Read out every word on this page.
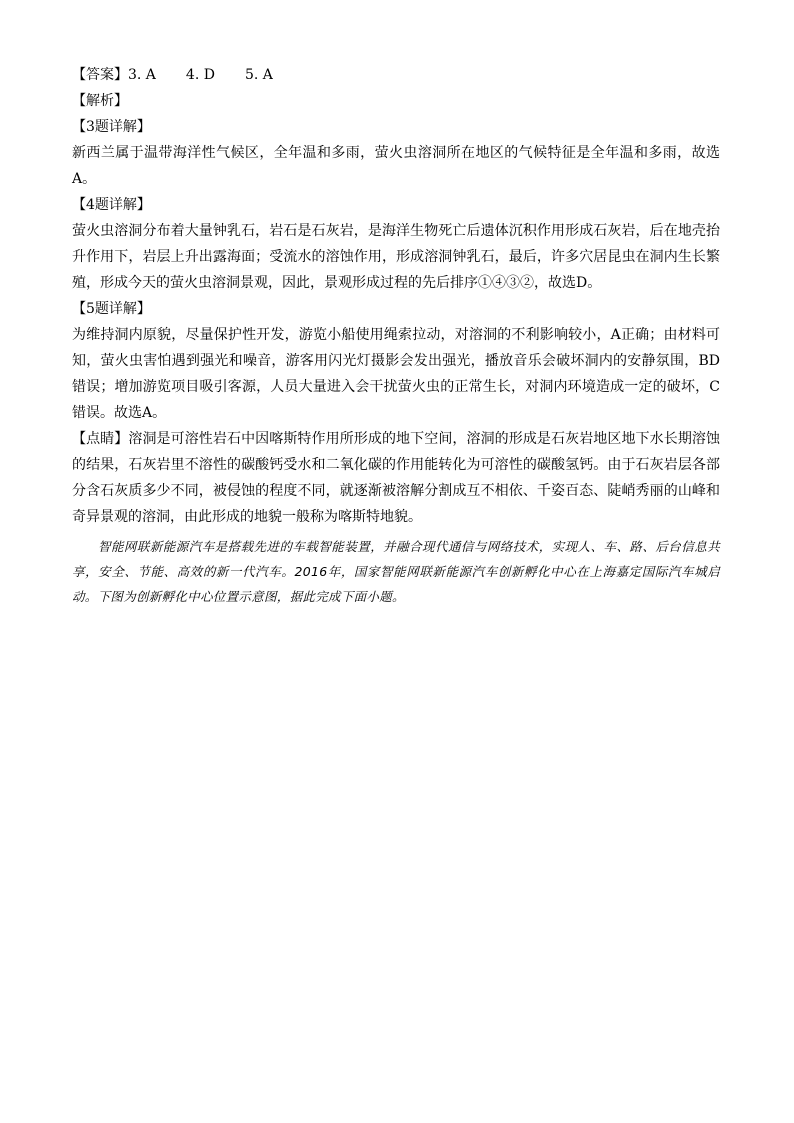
【答案】3. A 4. D 5. A
【解析】
【3题详解】
新西兰属于温带海洋性气候区，全年温和多雨，萤火虫溶洞所在地区的气候特征是全年温和多雨，故选A。
【4题详解】
萤火虫溶洞分布着大量钟乳石，岩石是石灰岩，是海洋生物死亡后遗体沉积作用形成石灰岩，后在地壳抬升作用下，岩层上升出露海面；受流水的溶蚀作用，形成溶洞钟乳石，最后，许多穴居昆虫在洞内生长繁殖，形成今天的萤火虫溶洞景观，因此，景观形成过程的先后排序①④③②，故选D。
【5题详解】
为维持洞内原貌，尽量保护性开发，游览小船使用绳索拉动，对溶洞的不利影响较小，A正确；由材料可知，萤火虫害怕遇到强光和噪音，游客用闪光灯摄影会发出强光，播放音乐会破坏洞内的安静氛围，BD错误；增加游览项目吸引客源，人员大量进入会干扰萤火虫的正常生长，对洞内环境造成一定的破坏，C错误。故选A。
【点睛】溶洞是可溶性岩石中因喀斯特作用所形成的地下空间，溶洞的形成是石灰岩地区地下水长期溶蚀的结果，石灰岩里不溶性的碳酸钙受水和二氧化碳的作用能转化为可溶性的碳酸氢钙。由于石灰岩层各部分含石灰质多少不同，被侵蚀的程度不同，就逐渐被溶解分割成互不相依、千姿百态、陡峭秀丽的山峰和奇异景观的溶洞，由此形成的地貌一般称为喀斯特地貌。
智能网联新能源汽车是搭载先进的车载智能装置，并融合现代通信与网络技术，实现人、车、路、后台信息共享，安全、节能、高效的新一代汽车。2016年，国家智能网联新能源汽车创新孵化中心在上海嘉定国际汽车城启动。下图为创新孵化中心位置示意图，据此完成下面小题。
